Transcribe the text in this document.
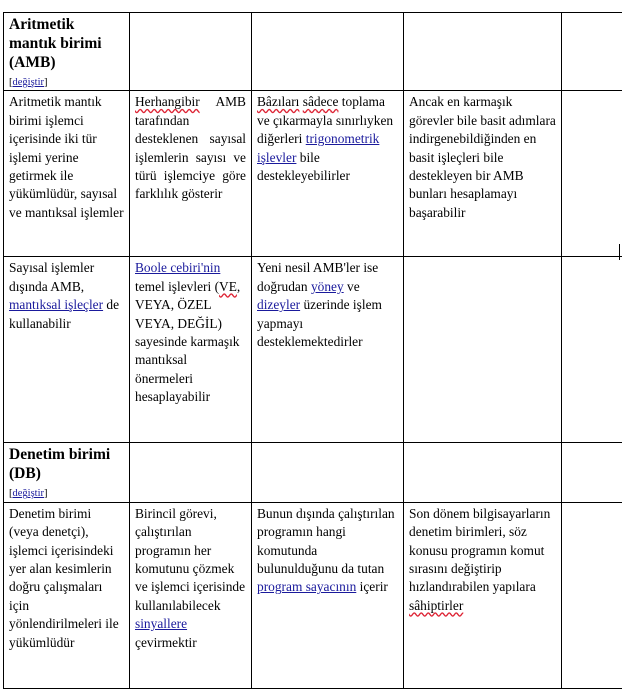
Aritmetik mantık birimi (AMB)
[değiştir]				
Aritmetik mantık birimi işlemci içerisinde iki tür işlemi yerine getirmek ile yükümlüdür, sayısal ve mantıksal işlemler	Herhangibir AMB tarafından desteklenen sayısal işlemlerin sayısı ve türü işlemciye göre farklılık gösterir	Bâzıları sâdece toplama ve çıkarmayla sınırlıyken diğerleri trigonometrik işlevler bile destekleyebilirler	Ancak en karmaşık görevler bile basit adımlara indirgenebildiğinden en basit işleçleri bile destekleyen bir AMB bunları hesaplamayı başarabilir	
Sayısal işlemler dışında AMB, mantıksal işleçler de kullanabilir	Boole cebiri'nin temel işlevleri (VE, VEYA, ÖZEL VEYA, DEĞİL) sayesinde karmaşık mantıksal önermeleri hesaplayabilir	Yeni nesil AMB'ler ise doğrudan yöney ve dizeyler üzerinde işlem yapmayı desteklemektedirler		

Denetim birimi (DB)
[değiştir]				
Denetim birimi (veya denetçi), işlemci içerisindeki yer alan kesimlerin doğru çalışmaları için yönlendirilmeleri ile yükümlüdür	Birincil görevi, çalıştırılan programın her komutunu çözmek ve işlemci içerisinde kullanılabilecek sinyallere çevirmektir	Bunun dışında çalıştırılan programın hangi komutunda bulunulduğunu da tutan program sayacının içerir	Son dönem bilgisayarların denetim birimleri, söz konusu programın komut sırasını değiştirip hızlandırabilen yapılara sâhiptirler	
